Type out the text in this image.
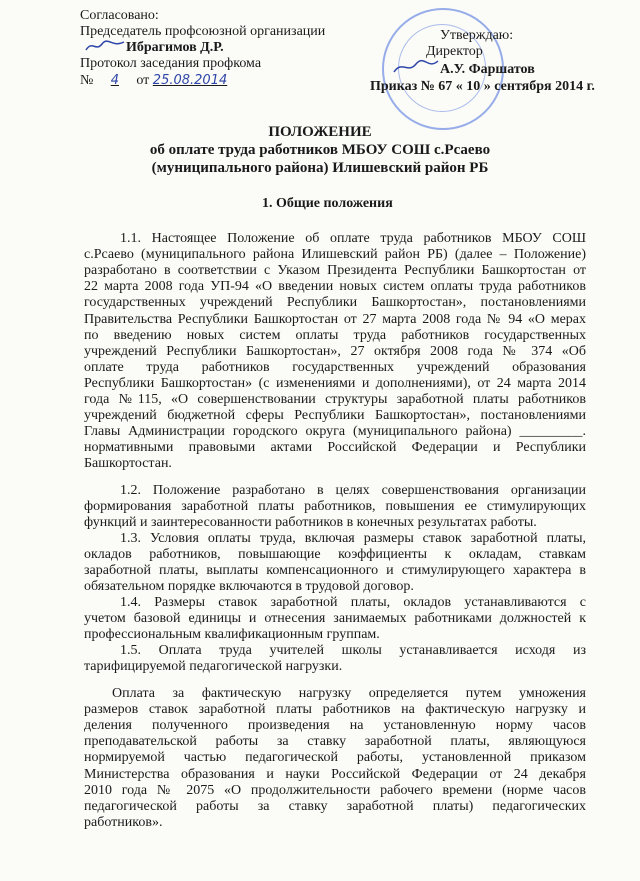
Согласовано:
Председатель профсоюзной организации
Ибрагимов Д.Р.
Протокол заседания профкома
№ 4 от 25.08.2014
Утверждаю:
Директор
А.У. Фаршатов
Приказ № 67 « 10 » сентября 2014 г.
ПОЛОЖЕНИЕ
об оплате труда работников МБОУ СОШ с.Рсаево
(муниципального района) Илишевский район РБ
1. Общие положения
1.1. Настоящее Положение об оплате труда работников МБОУ СОШ
с.Рсаево (муниципального района Илишевский район РБ) (далее – Положение)
разработано в соответствии с Указом Президента Республики Башкортостан от
22 марта 2008 года УП-94 «О введении новых систем оплаты труда работников
государственных учреждений Республики Башкортостан», постановлениями
Правительства Республики Башкортостан от 27 марта 2008 года № 94 «О мерах
по введению новых систем оплаты труда работников государственных
учреждений Республики Башкортостан», 27 октября 2008 года № 374 «Об
оплате труда работников государственных учреждений образования
Республики Башкортостан» (с изменениями и дополнениями), от 24 марта 2014
года №115, «О совершенствовании структуры заработной платы работников
учреждений бюджетной сферы Республики Башкортостан», постановлениями
Главы Администрации городского округа (муниципального района) _________.
нормативными правовыми актами Российской Федерации и Республики
Башкортостан.
1.2. Положение разработано в целях совершенствования организации
формирования заработной платы работников, повышения ее стимулирующих
функций и заинтересованности работников в конечных результатах работы.
1.3. Условия оплаты труда, включая размеры ставок заработной платы,
окладов работников, повышающие коэффициенты к окладам, ставкам
заработной платы, выплаты компенсационного и стимулирующего характера в
обязательном порядке включаются в трудовой договор.
1.4. Размеры ставок заработной платы, окладов устанавливаются с
учетом базовой единицы и отнесения занимаемых работниками должностей к
профессиональным квалификационным группам.
1.5. Оплата труда учителей школы устанавливается исходя из
тарифицируемой педагогической нагрузки.
Оплата за фактическую нагрузку определяется путем умножения
размеров ставок заработной платы работников на фактическую нагрузку и
деления полученного произведения на установленную норму часов
преподавательской работы за ставку заработной платы, являющуюся
нормируемой частью педагогической работы, установленной приказом
Министерства образования и науки Российской Федерации от 24 декабря
2010 года № 2075 «О продолжительности рабочего времени (норме часов
педагогической работы за ставку заработной платы) педагогических
работников».
